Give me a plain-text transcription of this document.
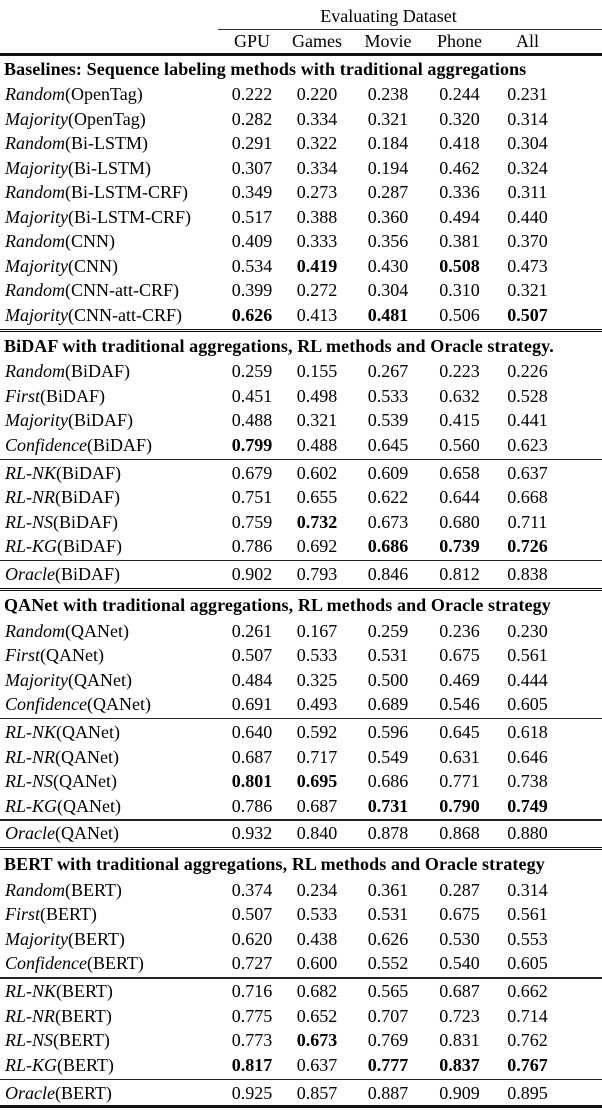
Evaluating Dataset
GPU	Games	Movie	Phone	All
Baselines: Sequence labeling methods with traditional aggregations
Random(OpenTag)	0.222	0.220	0.238	0.244	0.231
Majority(OpenTag)	0.282	0.334	0.321	0.320	0.314
Random(Bi-LSTM)	0.291	0.322	0.184	0.418	0.304
Majority(Bi-LSTM)	0.307	0.334	0.194	0.462	0.324
Random(Bi-LSTM-CRF)	0.349	0.273	0.287	0.336	0.311
Majority(Bi-LSTM-CRF)	0.517	0.388	0.360	0.494	0.440
Random(CNN)	0.409	0.333	0.356	0.381	0.370
Majority(CNN)	0.534	0.419	0.430	0.508	0.473
Random(CNN-att-CRF)	0.399	0.272	0.304	0.310	0.321
Majority(CNN-att-CRF)	0.626	0.413	0.481	0.506	0.507
BiDAF with traditional aggregations, RL methods and Oracle strategy.
Random(BiDAF)	0.259	0.155	0.267	0.223	0.226
First(BiDAF)	0.451	0.498	0.533	0.632	0.528
Majority(BiDAF)	0.488	0.321	0.539	0.415	0.441
Confidence(BiDAF)	0.799	0.488	0.645	0.560	0.623
RL-NK(BiDAF)	0.679	0.602	0.609	0.658	0.637
RL-NR(BiDAF)	0.751	0.655	0.622	0.644	0.668
RL-NS(BiDAF)	0.759	0.732	0.673	0.680	0.711
RL-KG(BiDAF)	0.786	0.692	0.686	0.739	0.726
Oracle(BiDAF)	0.902	0.793	0.846	0.812	0.838
QANet with traditional aggregations, RL methods and Oracle strategy
Random(QANet)	0.261	0.167	0.259	0.236	0.230
First(QANet)	0.507	0.533	0.531	0.675	0.561
Majority(QANet)	0.484	0.325	0.500	0.469	0.444
Confidence(QANet)	0.691	0.493	0.689	0.546	0.605
RL-NK(QANet)	0.640	0.592	0.596	0.645	0.618
RL-NR(QANet)	0.687	0.717	0.549	0.631	0.646
RL-NS(QANet)	0.801	0.695	0.686	0.771	0.738
RL-KG(QANet)	0.786	0.687	0.731	0.790	0.749
Oracle(QANet)	0.932	0.840	0.878	0.868	0.880
BERT with traditional aggregations, RL methods and Oracle strategy
Random(BERT)	0.374	0.234	0.361	0.287	0.314
First(BERT)	0.507	0.533	0.531	0.675	0.561
Majority(BERT)	0.620	0.438	0.626	0.530	0.553
Confidence(BERT)	0.727	0.600	0.552	0.540	0.605
RL-NK(BERT)	0.716	0.682	0.565	0.687	0.662
RL-NR(BERT)	0.775	0.652	0.707	0.723	0.714
RL-NS(BERT)	0.773	0.673	0.769	0.831	0.762
RL-KG(BERT)	0.817	0.637	0.777	0.837	0.767
Oracle(BERT)	0.925	0.857	0.887	0.909	0.895
